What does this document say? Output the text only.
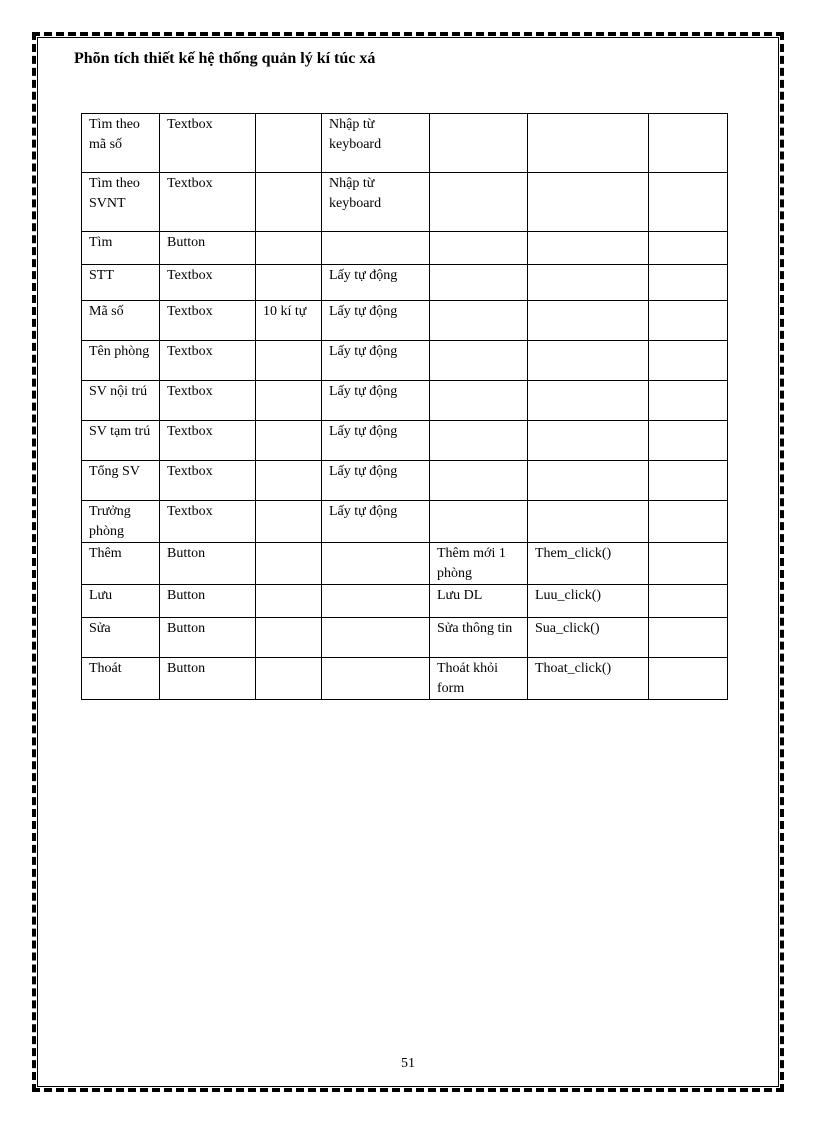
Phõn tích thiết kế hệ thống quản lý kí túc xá
Tìm theo mã số	Textbox		Nhập từ keyboard			
Tìm theo SVNT	Textbox		Nhập từ keyboard			
Tìm	Button					
STT	Textbox		Lấy tự động			
Mã số	Textbox	10 kí tự	Lấy tự động			
Tên phòng	Textbox		Lấy tự động			
SV nội trú	Textbox		Lấy tự động			
SV tạm trú	Textbox		Lấy tự động			
Tổng SV	Textbox		Lấy tự động			
Trưởng phòng	Textbox		Lấy tự động			
Thêm	Button			Thêm mới 1 phòng	Them_click()	
Lưu	Button			Lưu DL	Luu_click()	
Sửa	Button			Sửa thông tin	Sua_click()	
Thoát	Button			Thoát khỏi form	Thoat_click()	
51
